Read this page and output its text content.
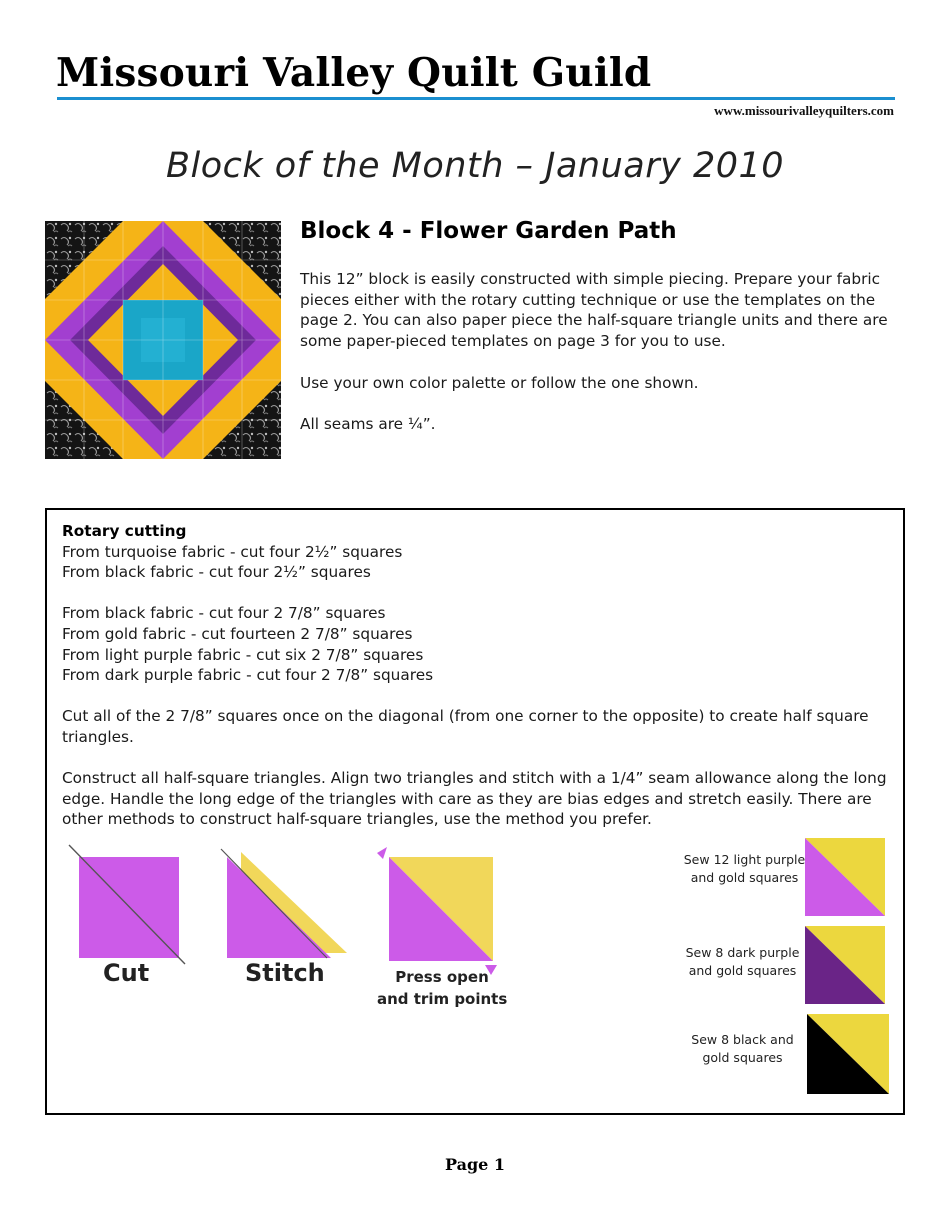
Missouri Valley Quilt Guild
www.missourivalleyquilters.com
Block of the Month – January 2010
Block 4 - Flower Garden Path

This 12” block is easily constructed with simple piecing. Prepare your fabric pieces either with the rotary cutting technique or use the templates on the page 2. You can also paper piece the half-square triangle units and there are some paper-pieced templates on page 3 for you to use.

Use your own color palette or follow the one shown.

All seams are ¼”.

Rotary cutting
From turquoise fabric - cut four 2½” squares
From black fabric - cut four 2½” squares
From black fabric - cut four 2 7/8” squares
From gold fabric - cut fourteen 2 7/8” squares
From light purple fabric - cut six 2 7/8” squares
From dark purple fabric - cut four 2 7/8” squares
Cut all of the 2 7/8” squares once on the diagonal (from one corner to the opposite) to create half square triangles.
Construct all half-square triangles. Align two triangles and stitch with a 1/4” seam allowance along the long edge. Handle the long edge of the triangles with care as they are bias edges and stretch easily. There are other methods to construct half-square triangles, use the method you prefer.
Cut	Stitch	Press open
and trim points
Sew 12 light purple and gold squares
Sew 8 dark purple and gold squares
Sew 8 black and gold squares
Page 1
